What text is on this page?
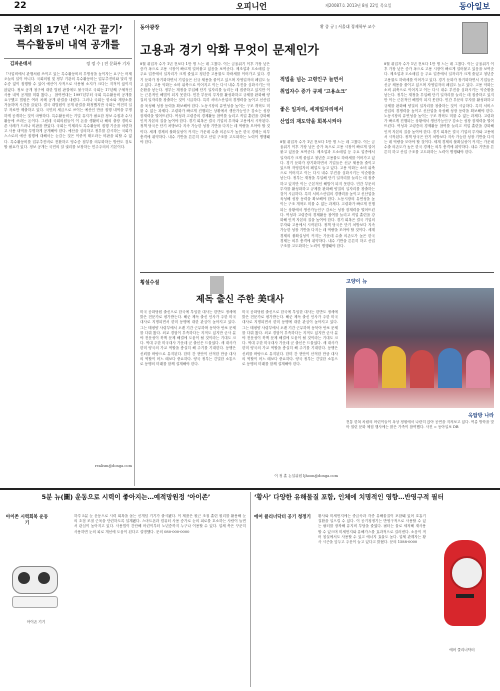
22	오피니언	제20087호 2013년 8월 22일 목요일	동아일보
국회의 17년 ‘시간 끌기’
특수활동비 내역 공개를
김파운데서	정 정 수 | 전 문화부 기자
『사업비에서 관행처럼 쓰이고 있는 특수활동비의 투명성을 높이자는 요구는 어제오늘의 일이 아니다. 국회의원 및 정부 기관의 특수활동비는 업무추진비와 달리 영수증 없이 집행할 수 있어 예산이 사적으로 사용될 소지가 크다는 지적이 끊이지 않았다. 정보 공개 청구에 대한 법원 판결에도 불구하고 국회는 17년째 구체적인 사용 내역 공개를 미뤄 왔다.』 참여연대는 1997년부터 국회 특수활동비 공개를 요구했고 법원은 여러 차례 공개 판결을 내렸다. 그러나 국회는 항소와 재항소를 거듭하며 시간을 끌었다. 결국 대법원이 공개 판결을 확정했지만 국회는 여전히 일부 자료만 제출하고 있다. 국민의 세금으로 쓰이는 예산인 만큼 집행 내역을 투명하게 공개하는 것이 마땅하다. 특수활동비는 기밀 유지가 필요한 정보 수집과 수사 활동에 쓰라는 돈이다. 그런데 국회의원들이 이 돈을 생활비나 해외 출장 경비로 쓴 사례가 드러나 비판을 받았다. 국회는 이제라도 특수활동비 집행 기준을 마련하고 사용 내역을 투명하게 공개해야 한다. 예산을 심의하고 정부를 감시하는 국회가 스스로의 예산 집행에 대해서는 눈감는 것은 이중적 태도라는 비판을 피할 수 없다. 특수활동비를 업무추진비로 전환하고 영수증 첨부를 의무화하는 방안도 검토할 필요가 있다. 정보 공개는 국민의 알 권리를 보장하는 민주주의의 기본이다.
realism@donga.com
동아광장	황 종 규 | 서울대 경제학부 교수
고용과 경기 악화 무엇이 문제인가
8월 취업자 수가 1년 전보다 1만 명 느는 데 그쳤다. 이는 금융위기 이후 가장 낮은 증가 폭으로 고용 시장이 빠르게 얼어붙고 있음을 보여준다. 제조업과 도소매업 등 주요 업종에서 일자리가 크게 줄었고 청년층 고용률도 하락세를 이어가고 있다. 경기 둔화가 장기화하면서 기업들은 신규 채용을 줄이고 있으며 자영업자의 폐업도 늘고 있다. 고용 악화는 소비 위축으로 이어지고 이는 다시 내수 부진을 심화시키는 악순환을 낳는다. 정부는 재정을 투입해 단기 일자리를 늘리는 데 집중하고 있지만 이는 근본적인 해법이 되지 못한다. 민간 부문의 투자를 활성화하고 규제를 완화해 양질의 일자리를 창출하는 것이 시급하다. 특히 서비스산업의 경쟁력을 높이고 신산업을 육성해 성장 동력을 확보해야 한다. 노동시장의 유연성을 높이는 구조 개혁도 미룰 수 없는 과제다. 고령화가 빠르게 진행되는 상황에서 생산가능인구 감소는 성장 잠재력을 떨어뜨린다. 여성과 고령층의 경제활동 참여를 늘리고 직업 훈련을 강화해 인적 자본의 질을 높여야 한다. 경기 회복은 결국 기업의 투자와 고용에서 시작된다. 정책 당국은 단기 처방보다 지속 가능한 성장 기반을 다지는 데 역량을 모아야 할 것이다. 세계 경제의 불확실성이 커지는 가운데 수출 의존도가 높은 한국 경제는 외부 충격에 취약하다. 내수 기반을 튼튼히 하고 산업 구조를 고도화하는 노력이 병행돼야 한다.
적법을 넘는 고령인구 늘면서
취업자수 증가 규제 ‘고용쇼크’
좋은 일자리, 세계일자리에서
산업의 재도약을 회복시켜야
8월 취업자 수가 1년 전보다 1만 명 느는 데 그쳤다. 이는 금융위기 이후 가장 낮은 증가 폭으로 고용 시장이 빠르게 얼어붙고 있음을 보여준다. 제조업과 도소매업 등 주요 업종에서 일자리가 크게 줄었고 청년층 고용률도 하락세를 이어가고 있다. 경기 둔화가 장기화하면서 기업들은 신규 채용을 줄이고 있으며 자영업자의 폐업도 늘고 있다. 고용 악화는 소비 위축으로 이어지고 이는 다시 내수 부진을 심화시키는 악순환을 낳는다. 정부는 재정을 투입해 단기 일자리를 늘리는 데 집중하고 있지만 이는 근본적인 해법이 되지 못한다. 민간 부문의 투자를 활성화하고 규제를 완화해 양질의 일자리를 창출하는 것이 시급하다. 특히 서비스산업의 경쟁력을 높이고 신산업을 육성해 성장 동력을 확보해야 한다. 노동시장의 유연성을 높이는 구조 개혁도 미룰 수 없는 과제다. 고령화가 빠르게 진행되는 상황에서 생산가능인구 감소는 성장 잠재력을 떨어뜨린다. 여성과 고령층의 경제활동 참여를 늘리고 직업 훈련을 강화해 인적 자본의 질을 높여야 한다. 경기 회복은 결국 기업의 투자와 고용에서 시작된다. 정책 당국은 단기 처방보다 지속 가능한 성장 기반을 다지는 데 역량을 모아야 할 것이다. 세계 경제의 불확실성이 커지는 가운데 수출 의존도가 높은 한국 경제는 외부 충격에 취약하다. 내수 기반을 튼튼히 하고 산업 구조를 고도화하는 노력이 병행돼야 한다.
8월 취업자 수가 1년 전보다 1만 명 느는 데 그쳤다. 이는 금융위기 이후 가장 낮은 증가 폭으로 고용 시장이 빠르게 얼어붙고 있음을 보여준다. 제조업과 도소매업 등 주요 업종에서 일자리가 크게 줄었고 청년층 고용률도 하락세를 이어가고 있다. 경기 둔화가 장기화하면서 기업들은 신규 채용을 줄이고 있으며 자영업자의 폐업도 늘고 있다. 고용 악화는 소비 위축으로 이어지고 이는 다시 내수 부진을 심화시키는 악순환을 낳는다. 정부는 재정을 투입해 단기 일자리를 늘리는 데 집중하고 있지만 이는 근본적인 해법이 되지 못한다. 민간 부문의 투자를 활성화하고 규제를 완화해 양질의 일자리를 창출하는 것이 시급하다. 특히 서비스산업의 경쟁력을 높이고 신산업을 육성해 성장 동력을 확보해야 한다. 노동시장의 유연성을 높이는 구조 개혁도 미룰 수 없는 과제다. 고령화가 빠르게 진행되는 상황에서 생산가능인구 감소는 성장 잠재력을 떨어뜨린다. 여성과 고령층의 경제활동 참여를 늘리고 직업 훈련을 강화해 인적 자본의 질을 높여야 한다. 경기 회복은 결국 기업의 투자와 고용에서 시작된다. 정책 당국은 단기 처방보다 지속 가능한 성장 기반을 다지는 데 역량을 모아야 할 것이다. 세계 경제의 불확실성이 커지는 가운데 수출 의존도가 높은 한국 경제는 외부 충격에 취약하다. 내수 기반을 튼튼히 하고 산업 구조를 고도화하는 노력이 병행돼야 한다.
횡설수설
제독 출신 주한 美대사
미국 공화당원 출신으로 한국에 부임한 대사는 한반도 정세에 밝은 전문가로 평가받는다. 해군 제독 출신 인사가 주한 미국대사로 지명되면서 한미 동맹에 대한 관심이 높아지고 있다. 그는 태평양 사령부에서 오랜 기간 근무하며 동북아 안보 문제를 다뤄 왔다. 외교 경험이 부족하다는 지적도 있지만 군사 분야 전문성이 북핵 문제 해결에 도움이 될 것이라는 기대도 크다. 역대 주한 미국대사 가운데 군 출신은 드물었다. 새 대사가 한미 양국의 가교 역할을 충실히 해 주기를 기대한다. 동맹은 신뢰를 바탕으로 유지된다. 한미 간 현안이 산적한 만큼 대사의 역할이 어느 때보다 중요하다. 양국 정부는 긴밀한 소통으로 동맹의 미래를 함께 설계해야 한다.
미국 공화당원 출신으로 한국에 부임한 대사는 한반도 정세에 밝은 전문가로 평가받는다. 해군 제독 출신 인사가 주한 미국대사로 지명되면서 한미 동맹에 대한 관심이 높아지고 있다. 그는 태평양 사령부에서 오랜 기간 근무하며 동북아 안보 문제를 다뤄 왔다. 외교 경험이 부족하다는 지적도 있지만 군사 분야 전문성이 북핵 문제 해결에 도움이 될 것이라는 기대도 크다. 역대 주한 미국대사 가운데 군 출신은 드물었다. 새 대사가 한미 양국의 가교 역할을 충실히 해 주기를 기대한다. 동맹은 신뢰를 바탕으로 유지된다. 한미 간 현안이 산적한 만큼 대사의 역할이 어느 때보다 중요하다. 양국 정부는 긴밀한 소통으로 동맹의 미래를 함께 설계해야 한다.
이 정 훈 논설위원 ljhoon@donga.com
고양이 뉴
옥탑방 나라
전통 한복 차림의 어린이들이 옥상 정원에서 나란히 앉아 공연을 지켜보고 있다. 여름 방학을 맞아 열린 문화 체험 행사에는 많은 가족이 참여했다. 사진 = 동아일보 DB
5분 뉴(圖) 운동으로 시력이 좋아지는…예적망원정 ‘아이존’
아이존 시력회복 운동기
아이존 기기
하루 5분 눈 운동으로 시력 회복을 돕는 신개념 기기가 출시됐다. 이 제품은 원근 조절 훈련 원리를 활용해 눈의 초점 조절 근육을 단련하도록 설계됐다. 스마트폰과 컴퓨터 사용 증가로 눈의 피로를 호소하는 사람이 늘면서 관심이 높아지고 있다. 사용법이 간단해 어린이부터 노년층까지 누구나 이용할 수 있다. 업체 측은 꾸준히 사용하면 눈의 피로 개선에 도움이 된다고 설명했다. 문의 080-000-0000
‘황사’ 다양한 유해물질 포함, 인체에 치명적인 영향…반영구적 필터
에어 클리너닥터 공기 청정기	황사와 미세먼지에는 중금속과 각종 유해물질이 포함돼 있어 호흡기 질환을 일으킬 수 있다. 이 공기청정기는 반영구적으로 사용할 수 있는 필터를 장착해 유지비 부담을 줄였다. 필터는 물로 세척해 재사용할 수 있으며 미세먼지와 유해가스를 효과적으로 걸러낸다. 소음이 적어 침실에서도 사용할 수 있고 에너지 효율도 높다. 업체 관계자는 황사 시즌을 앞두고 주문이 늘고 있다고 밝혔다. 문의 1588-0000
에어 클리너닥터
